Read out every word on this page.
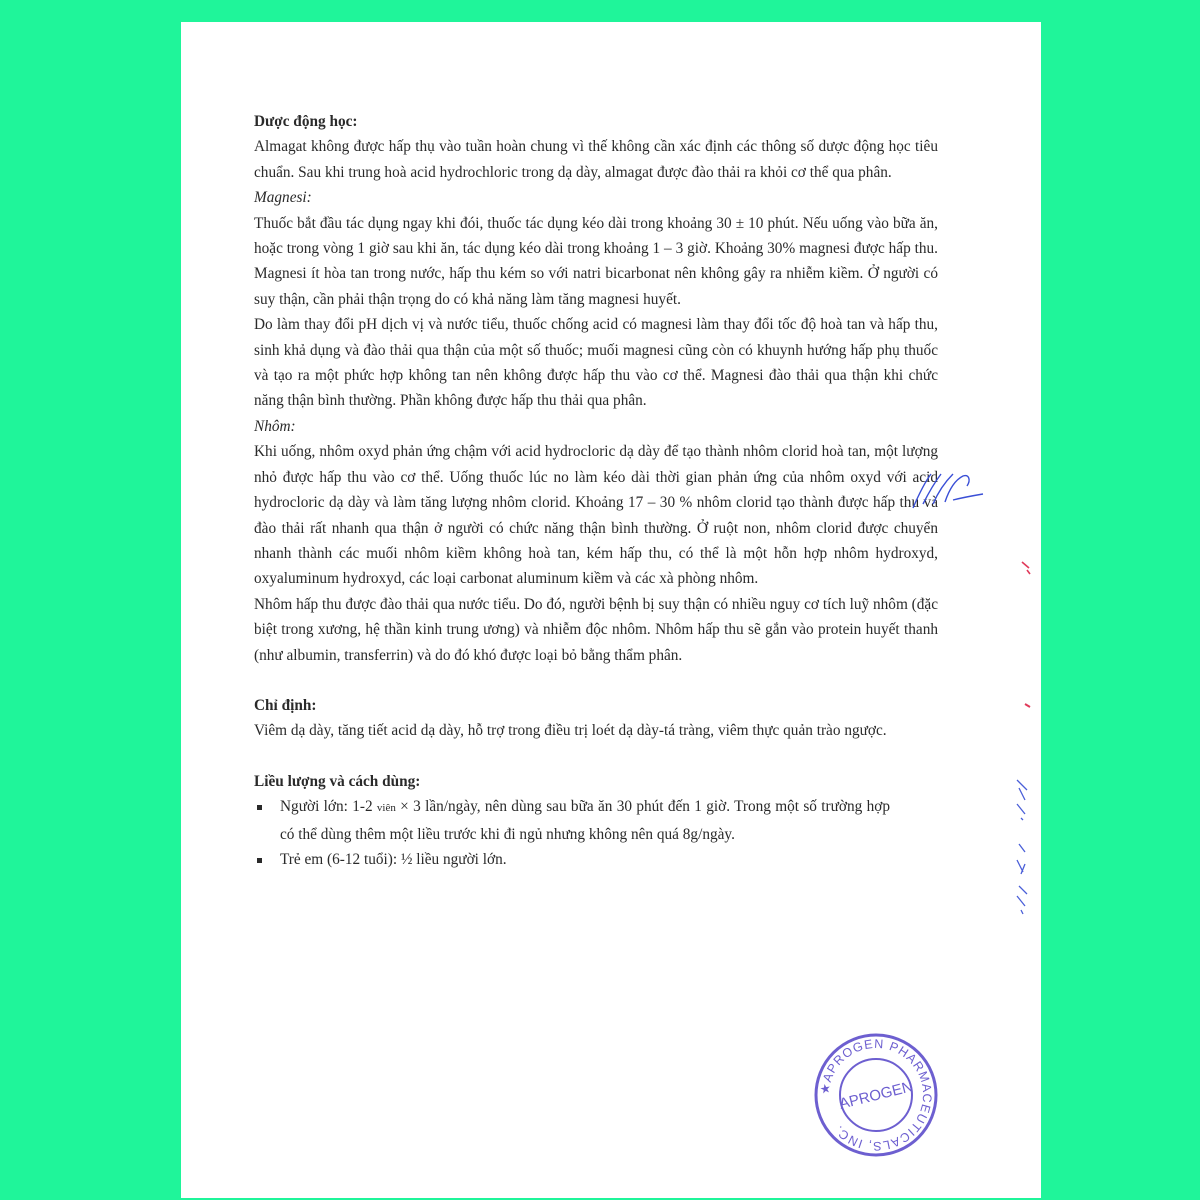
Dược động học:

Almagat không được hấp thụ vào tuần hoàn chung vì thế không cần xác định các thông số dược động học tiêu chuẩn. Sau khi trung hoà acid hydrochloric trong dạ dày, almagat được đào thải ra khỏi cơ thể qua phân.

Magnesi:

Thuốc bắt đầu tác dụng ngay khi đói, thuốc tác dụng kéo dài trong khoảng 30 ± 10 phút. Nếu uống vào bữa ăn, hoặc trong vòng 1 giờ sau khi ăn, tác dụng kéo dài trong khoảng 1 – 3 giờ. Khoảng 30% magnesi được hấp thu. Magnesi ít hòa tan trong nước, hấp thu kém so với natri bicarbonat nên không gây ra nhiễm kiềm. Ở người có suy thận, cần phải thận trọng do có khả năng làm tăng magnesi huyết.

Do làm thay đổi pH dịch vị và nước tiểu, thuốc chống acid có magnesi làm thay đổi tốc độ hoà tan và hấp thu, sinh khả dụng và đào thải qua thận của một số thuốc; muối magnesi cũng còn có khuynh hướng hấp phụ thuốc và tạo ra một phức hợp không tan nên không được hấp thu vào cơ thể. Magnesi đào thải qua thận khi chức năng thận bình thường. Phần không được hấp thu thải qua phân.

Nhôm:

Khi uống, nhôm oxyd phản ứng chậm với acid hydrocloric dạ dày để tạo thành nhôm clorid hoà tan, một lượng nhỏ được hấp thu vào cơ thể. Uống thuốc lúc no làm kéo dài thời gian phản ứng của nhôm oxyd với acid hydrocloric dạ dày và làm tăng lượng nhôm clorid. Khoảng 17 – 30 % nhôm clorid tạo thành được hấp thu và đào thải rất nhanh qua thận ở người có chức năng thận bình thường. Ở ruột non, nhôm clorid được chuyển nhanh thành các muối nhôm kiềm không hoà tan, kém hấp thu, có thể là một hỗn hợp nhôm hydroxyd, oxyaluminum hydroxyd, các loại carbonat aluminum kiềm và các xà phòng nhôm.

Nhôm hấp thu được đào thải qua nước tiểu. Do đó, người bệnh bị suy thận có nhiều nguy cơ tích luỹ nhôm (đặc biệt trong xương, hệ thần kinh trung ương) và nhiễm độc nhôm. Nhôm hấp thu sẽ gắn vào protein huyết thanh (như albumin, transferrin) và do đó khó được loại bỏ bằng thẩm phân.

Chỉ định:

Viêm dạ dày, tăng tiết acid dạ dày, hỗ trợ trong điều trị loét dạ dày-tá tràng, viêm thực quản trào ngược.

Liều lượng và cách dùng:

Người lớn: 1-2 viên × 3 lần/ngày, nên dùng sau bữa ăn 30 phút đến 1 giờ. Trong một số trường hợp có thể dùng thêm một liều trước khi đi ngủ nhưng không nên quá 8g/ngày.

Trẻ em (6-12 tuổi): ½ liều người lớn.

★APROGEN PHARMACEUTICALS, INC.
APROGEN
